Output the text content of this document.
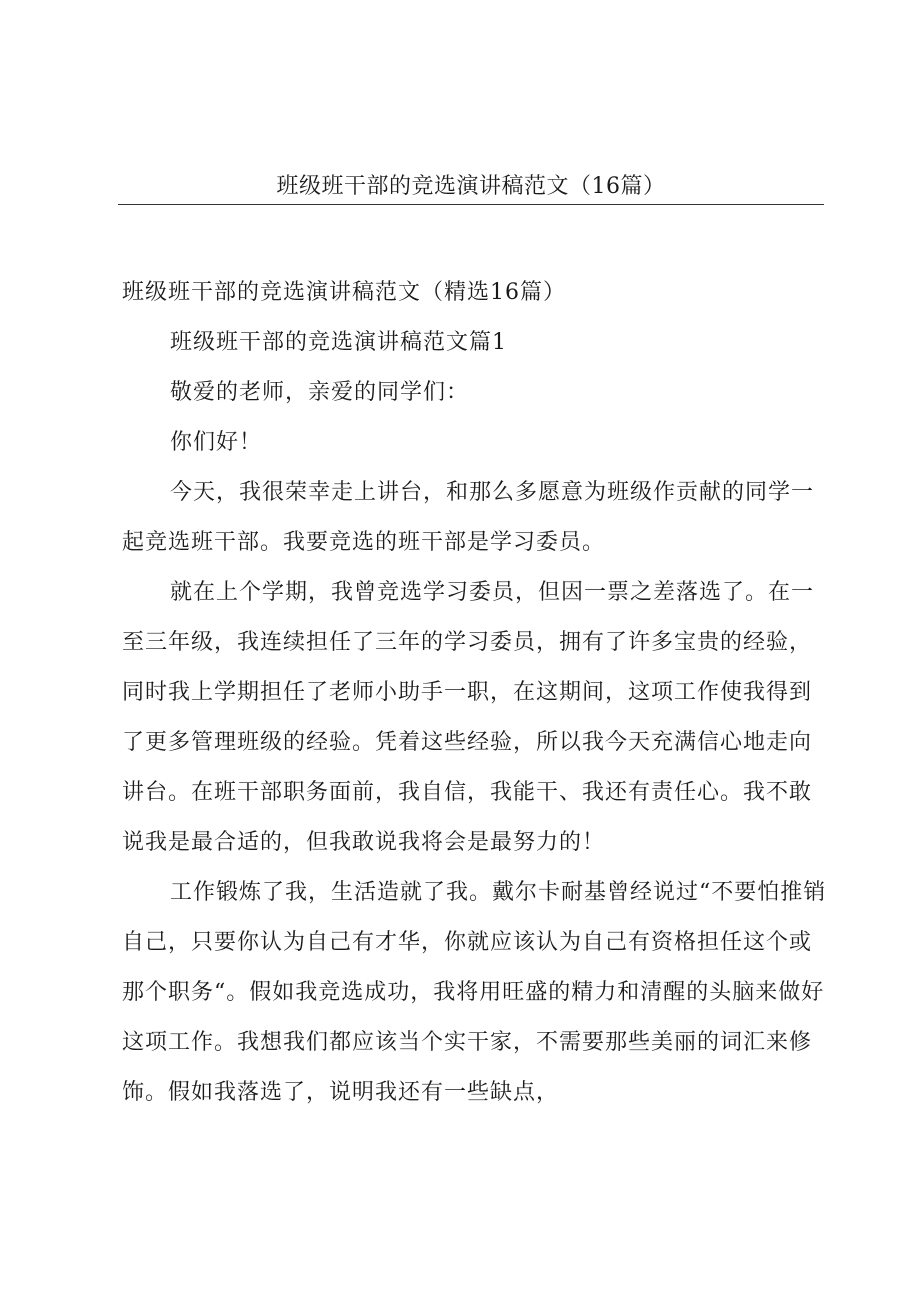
班级班干部的竞选演讲稿范文（16篇）

班级班干部的竞选演讲稿范文（精选16篇）

班级班干部的竞选演讲稿范文篇1

敬爱的老师，亲爱的同学们：

你们好！

今天，我很荣幸走上讲台，和那么多愿意为班级作贡献的同学一起竞选班干部。我要竞选的班干部是学习委员。

就在上个学期，我曾竞选学习委员，但因一票之差落选了。在一至三年级，我连续担任了三年的学习委员，拥有了许多宝贵的经验，同时我上学期担任了老师小助手一职，在这期间，这项工作使我得到了更多管理班级的经验。凭着这些经验，所以我今天充满信心地走向讲台。在班干部职务面前，我自信，我能干、我还有责任心。我不敢说我是最合适的，但我敢说我将会是最努力的！

工作锻炼了我，生活造就了我。戴尔卡耐基曾经说过“不要怕推销自己，只要你认为自己有才华，你就应该认为自己有资格担任这个或那个职务“。假如我竞选成功，我将用旺盛的精力和清醒的头脑来做好这项工作。我想我们都应该当个实干家，不需要那些美丽的词汇来修饰。假如我落选了，说明我还有一些缺点，
